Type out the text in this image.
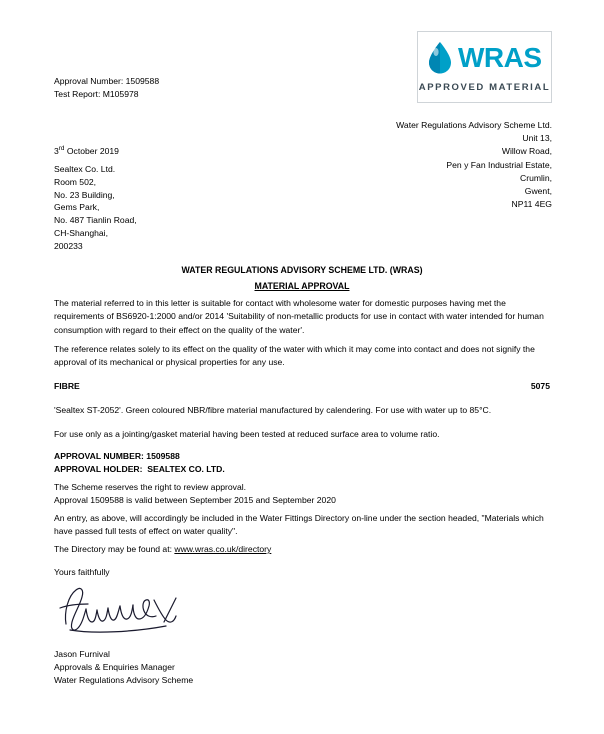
WRAS
APPROVED MATERIAL
Approval Number: 1509588
Test Report: M105978
Water Regulations Advisory Scheme Ltd.
Unit 13,
Willow Road,
Pen y Fan Industrial Estate,
Crumlin,
Gwent,
NP11 4EG
3rd October 2019
Sealtex Co. Ltd.
Room 502,
No. 23 Building,
Gems Park,
No. 487 Tianlin Road,
CH-Shanghai,
200233
WATER REGULATIONS ADVISORY SCHEME LTD. (WRAS)
MATERIAL APPROVAL
The material referred to in this letter is suitable for contact with wholesome water for domestic purposes having met the requirements of BS6920-1:2000 and/or 2014 'Suitability of non-metallic products for use in contact with water intended for human consumption with regard to their effect on the quality of the water'.
The reference relates solely to its effect on the quality of the water with which it may come into contact and does not signify the approval of its mechanical or physical properties for any use.
FIBRE	5075
'Sealtex ST-2052'. Green coloured NBR/fibre material manufactured by calendering. For use with water up to 85°C.
For use only as a jointing/gasket material having been tested at reduced surface area to volume ratio.
APPROVAL NUMBER: 1509588
APPROVAL HOLDER:  SEALTEX CO. LTD.
The Scheme reserves the right to review approval.
Approval 1509588 is valid between September 2015 and September 2020
An entry, as above, will accordingly be included in the Water Fittings Directory on-line under the section headed, "Materials which have passed full tests of effect on water quality".
The Directory may be found at: www.wras.co.uk/directory
Yours faithfully
Jason Furnival
Approvals & Enquiries Manager
Water Regulations Advisory Scheme
